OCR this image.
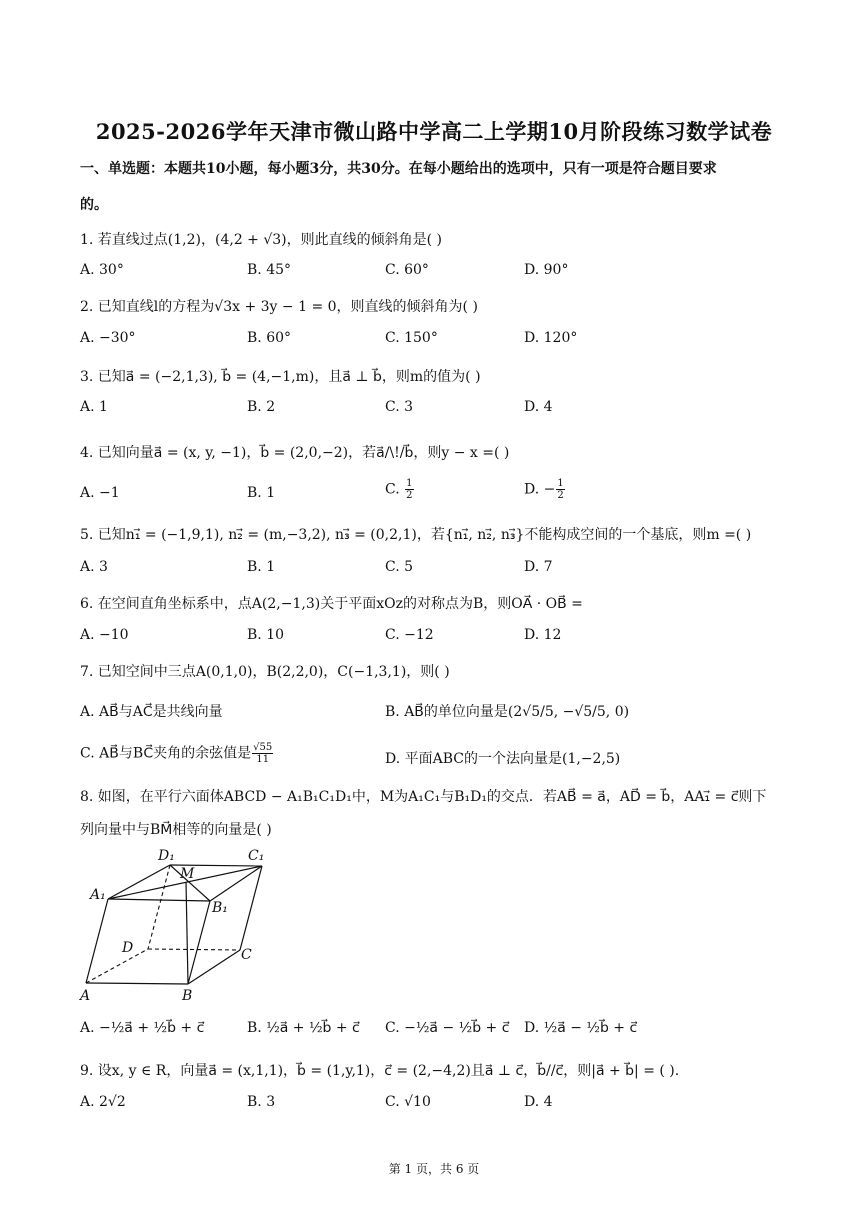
2025-2026学年天津市微山路中学高二上学期10月阶段练习数学试卷
一、单选题：本题共10小题，每小题3分，共30分。在每小题给出的选项中，只有一项是符合题目要求
的。
1. 若直线过点(1,2)，(4,2 + √3)，则此直线的倾斜角是( )
A. 30°	B. 45°	C. 60°	D. 90°
2. 已知直线l的方程为√3x + 3y − 1 = 0，则直线的倾斜角为( )
A. −30°	B. 60°	C. 150°	D. 120°
3. 已知a⃗ = (−2,1,3), b⃗ = (4,−1,m)，且a⃗ ⊥ b⃗，则m的值为( )
A. 1	B. 2	C. 3	D. 4
4. 已知向量a⃗ = (x, y, −1)，b⃗ = (2,0,−2)，若a⃗/\!/b⃗，则y − x =( )
A. −1	B. 1	C. $\frac{1}{2}$	D. − $\frac{1}{2}$
5. 已知n₁⃗ = (−1,9,1), n₂⃗ = (m,−3,2), n₃⃗ = (0,2,1)，若{n₁⃗, n₂⃗, n₃⃗}不能构成空间的一个基底，则m =( )
A. 3	B. 1	C. 5	D. 7
6. 在空间直角坐标系中，点A(2,−1,3)关于平面xOz的对称点为B，则OA⃗ · OB⃗ =
A. −10	B. 10	C. −12	D. 12
7. 已知空间中三点A(0,1,0)，B(2,2,0)，C(−1,3,1)，则( )
A. AB⃗与AC⃗是共线向量	B. AB⃗的单位向量是(2√5/5, −√5/5, 0)
C. AB⃗与BC⃗夹角的余弦值是 $\frac{√55}{11}$	D. 平面ABC的一个法向量是(1,−2,5)
8. 如图，在平行六面体ABCD − A₁B₁C₁D₁中，M为A₁C₁与B₁D₁的交点．若AB⃗ = a⃗，AD⃗ = b⃗，AA₁⃗ = c⃗则下
列向量中与BM⃗相等的向量是( )
D₁	C₁
M
A₁
B₁
D	C
A	B
A. −½a⃗ + ½b⃗ + c⃗	B. ½a⃗ + ½b⃗ + c⃗ C. −½a⃗ − ½b⃗ + c⃗ D. ½a⃗ − ½b⃗ + c⃗
9. 设x, y ∈ R，向量a⃗ = (x,1,1)，b⃗ = (1,y,1)，c⃗ = (2,−4,2)且a⃗ ⊥ c⃗，b⃗//c⃗，则|a⃗ + b⃗| = ( ).
A. 2√2	B. 3	C. √10	D. 4
第 1 页，共 6 页
